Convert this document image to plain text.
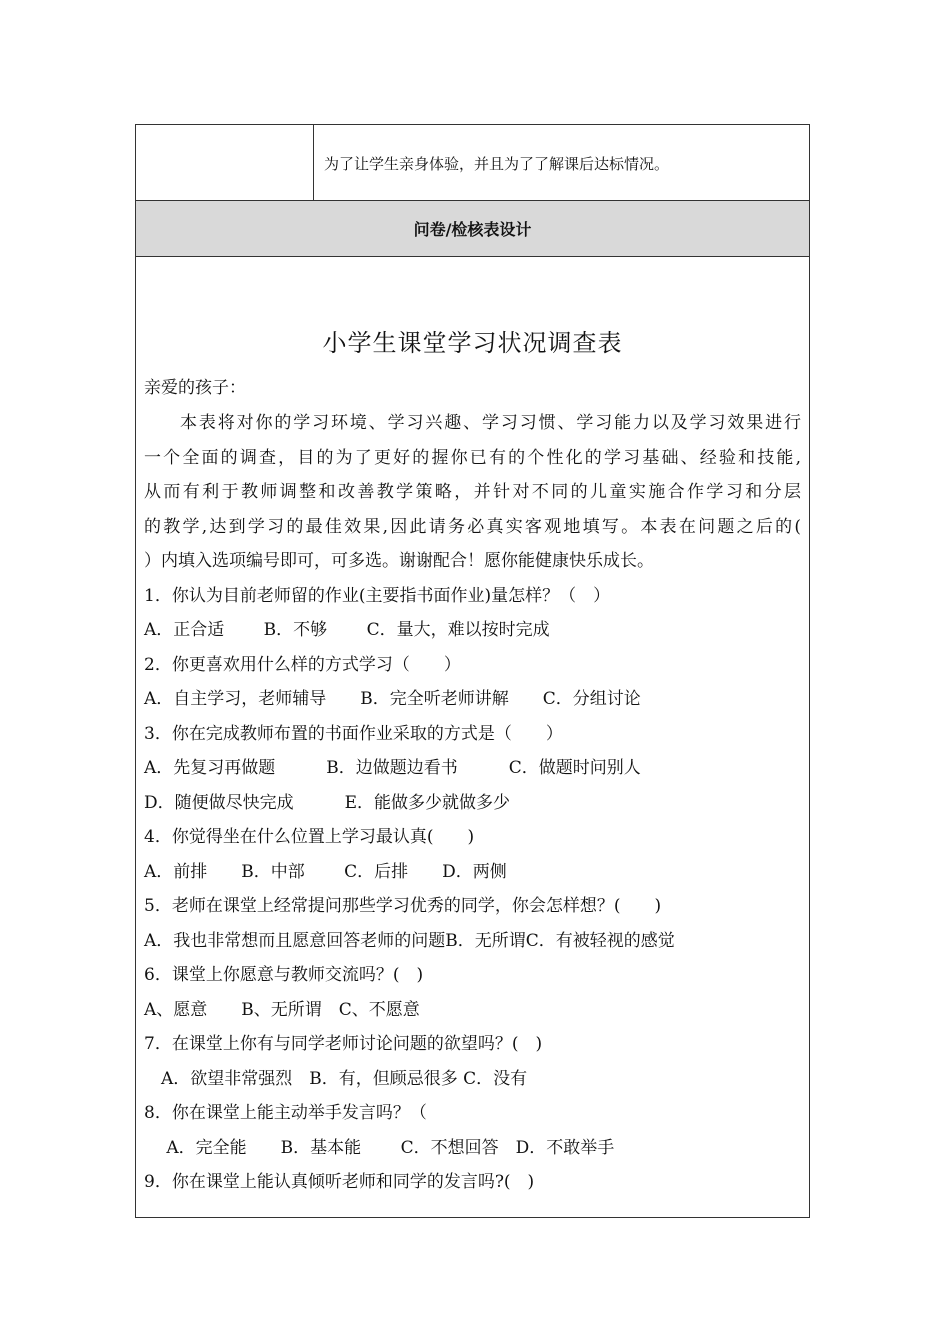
为了让学生亲身体验，并且为了了解课后达标情况。
问卷/检核表设计
小学生课堂学习状况调查表
亲爱的孩子：
本表将对你的学习环境、学习兴趣、学习习惯、学习能力以及学习效果进行
一个全面的调查，目的为了更好的握你已有的个性化的学习基础、经验和技能,
从而有利于教师调整和改善教学策略，并针对不同的儿童实施合作学习和分层
的教学,达到学习的最佳效果,因此请务必真实客观地填写。本表在问题之后的(
）内填入选项编号即可，可多选。谢谢配合！愿你能健康快乐成长。
1．你认为目前老师留的作业(主要指书面作业)量怎样？（　）
A．正合适　　 B．不够　　 C．量大，难以按时完成
2．你更喜欢用什么样的方式学习（　　）
A．自主学习，老师辅导　　B．完全听老师讲解　　C．分组讨论
3．你在完成教师布置的书面作业采取的方式是（　　）
A．先复习再做题　　　B．边做题边看书　　　C．做题时问别人
D．随便做尽快完成　　　E．能做多少就做多少
4．你觉得坐在什么位置上学习最认真(　　)
A．前排　　B．中部　　 C．后排　　D．两侧
5．老师在课堂上经常提问那些学习优秀的同学，你会怎样想？(　　)
A．我也非常想而且愿意回答老师的问题B．无所谓C．有被轻视的感觉
6．课堂上你愿意与教师交流吗？(　)
A、愿意　　B、无所谓　C、不愿意
7．在课堂上你有与同学老师讨论问题的欲望吗？(　)
　A．欲望非常强烈　B．有，但顾忌很多 C．没有
8．你在课堂上能主动举手发言吗？（
　 A．完全能　　B．基本能　　 C．不想回答　D．不敢举手
9．你在课堂上能认真倾听老师和同学的发言吗?(　)
